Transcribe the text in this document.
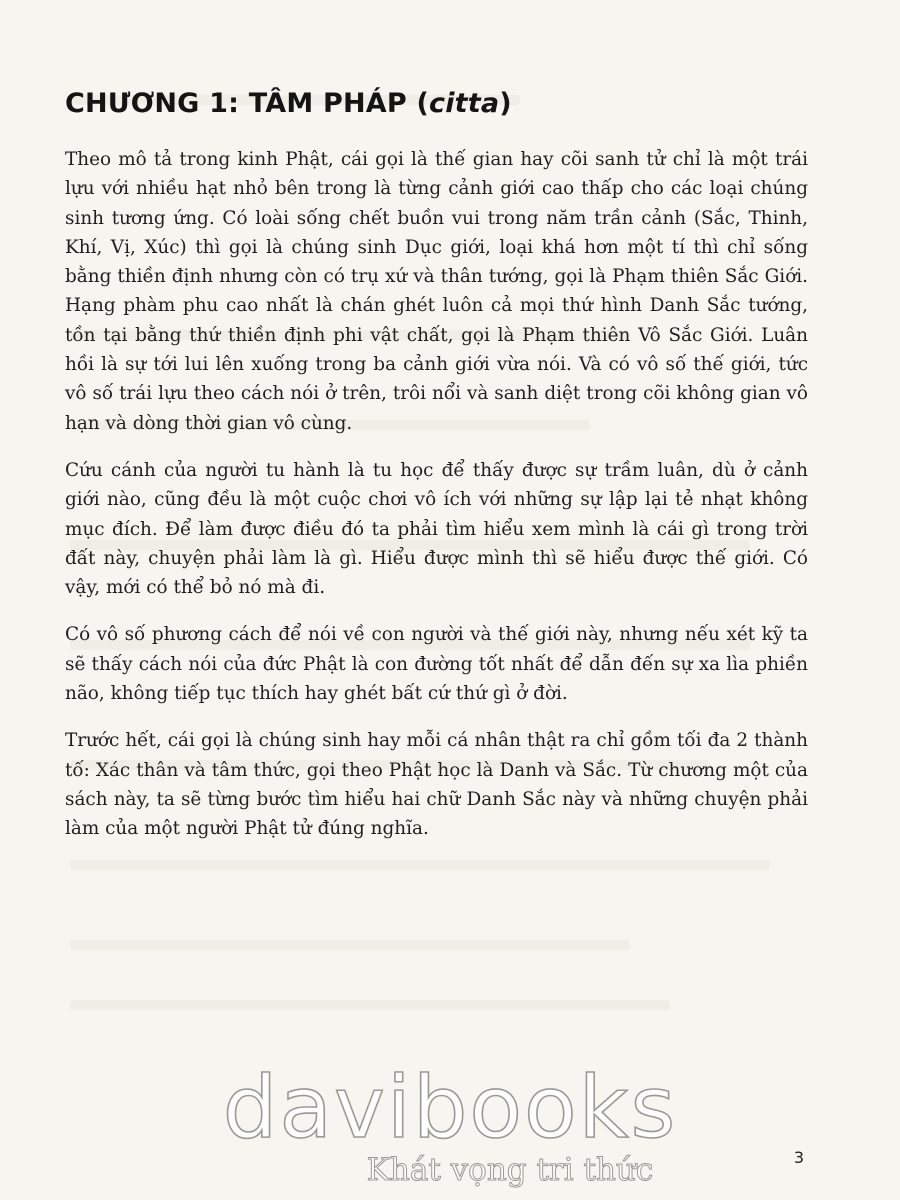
CHƯƠNG 1: TÂM PHÁP (citta)

Theo mô tả trong kinh Phật, cái gọi là thế gian hay cõi sanh tử chỉ là một trái lựu với nhiều hạt nhỏ bên trong là từng cảnh giới cao thấp cho các loại chúng sinh tương ứng. Có loài sống chết buồn vui trong năm trần cảnh (Sắc, Thinh, Khí, Vị, Xúc) thì gọi là chúng sinh Dục giới, loại khá hơn một tí thì chỉ sống bằng thiền định nhưng còn có trụ xứ và thân tướng, gọi là Phạm thiên Sắc Giới. Hạng phàm phu cao nhất là chán ghét luôn cả mọi thứ hình Danh Sắc tướng, tồn tại bằng thứ thiền định phi vật chất, gọi là Phạm thiên Vô Sắc Giới. Luân hồi là sự tới lui lên xuống trong ba cảnh giới vừa nói. Và có vô số thế giới, tức vô số trái lựu theo cách nói ở trên, trôi nổi và sanh diệt trong cõi không gian vô hạn và dòng thời gian vô cùng.

Cứu cánh của người tu hành là tu học để thấy được sự trầm luân, dù ở cảnh giới nào, cũng đều là một cuộc chơi vô ích với những sự lập lại tẻ nhạt không mục đích. Để làm được điều đó ta phải tìm hiểu xem mình là cái gì trong trời đất này, chuyện phải làm là gì. Hiểu được mình thì sẽ hiểu được thế giới. Có vậy, mới có thể bỏ nó mà đi.

Có vô số phương cách để nói về con người và thế giới này, nhưng nếu xét kỹ ta sẽ thấy cách nói của đức Phật là con đường tốt nhất để dẫn đến sự xa lìa phiền não, không tiếp tục thích hay ghét bất cứ thứ gì ở đời.

Trước hết, cái gọi là chúng sinh hay mỗi cá nhân thật ra chỉ gồm tối đa 2 thành tố: Xác thân và tâm thức, gọi theo Phật học là Danh và Sắc. Từ chương một của sách này, ta sẽ từng bước tìm hiểu hai chữ Danh Sắc này và những chuyện phải làm của một người Phật tử đúng nghĩa.

davibooks
Khát vọng tri thức	3
